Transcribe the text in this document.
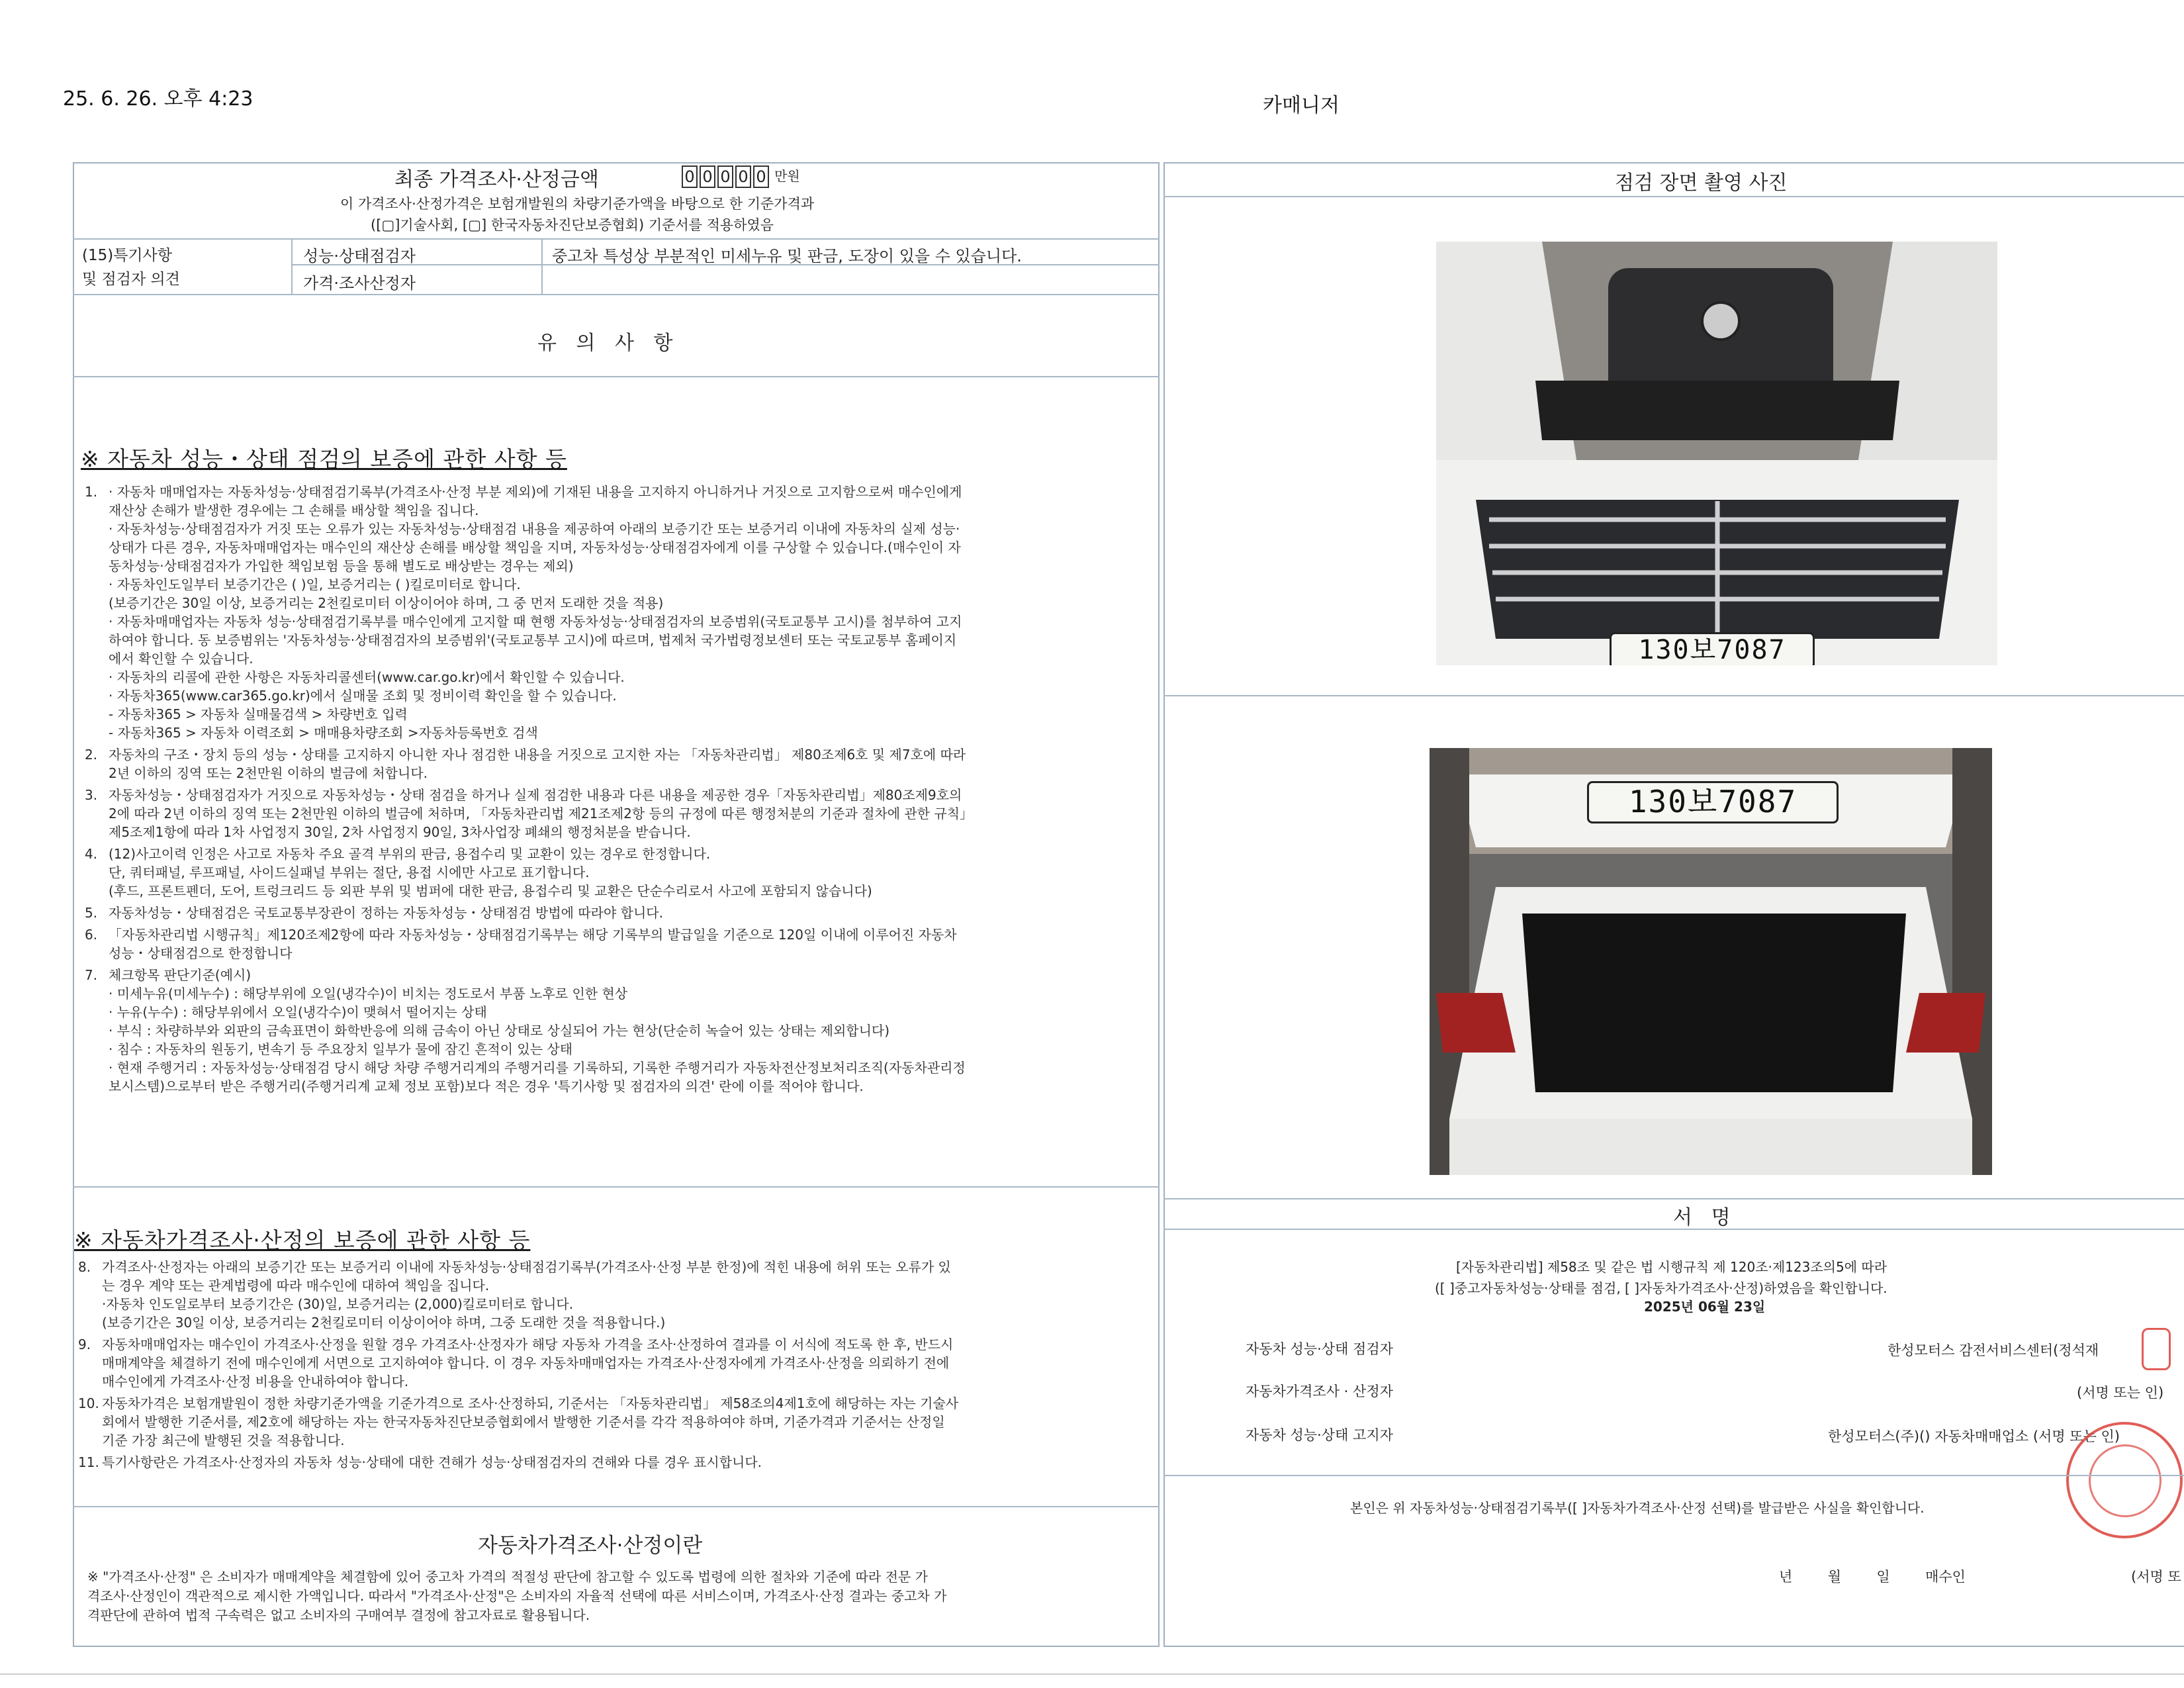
25. 6. 26. 오후 4:23	카매니저
최종 가격조사·산정금액	0 0 0 0 0 만원
이 가격조사·산정가격은 보험개발원의 차량기준가액을 바탕으로 한 기준가격과
([▢]기술사회, [▢] 한국자동차진단보증협회) 기준서를 적용하였음
(15)특기사항
및 점검자 의견
성능·상태점검자	중고차 특성상 부분적인 미세누유 및 판금, 도장이 있을 수 있습니다.
가격·조사산정자
유 의 사 항
※ 자동차 성능・상태 점검의 보증에 관한 사항 등
1. · 자동차 매매업자는 자동차성능·상태점검기록부(가격조사·산정 부분 제외)에 기재된 내용을 고지하지 아니하거나 거짓으로 고지함으로써 매수인에게
재산상 손해가 발생한 경우에는 그 손해를 배상할 책임을 집니다.
· 자동차성능·상태점검자가 거짓 또는 오류가 있는 자동차성능·상태점검 내용을 제공하여 아래의 보증기간 또는 보증거리 이내에 자동차의 실제 성능·
상태가 다른 경우, 자동차매매업자는 매수인의 재산상 손해를 배상할 책임을 지며, 자동차성능·상태점검자에게 이를 구상할 수 있습니다.(매수인이 자
동차성능·상태점검자가 가입한 책임보험 등을 통해 별도로 배상받는 경우는 제외)
· 자동차인도일부터 보증기간은 ( )일, 보증거리는 ( )킬로미터로 합니다.
(보증기간은 30일 이상, 보증거리는 2천킬로미터 이상이어야 하며, 그 중 먼저 도래한 것을 적용)
· 자동차매매업자는 자동차 성능·상태점검기록부를 매수인에게 고지할 때 현행 자동차성능·상태점검자의 보증범위(국토교통부 고시)를 첨부하여 고지
하여야 합니다. 동 보증범위는 '자동차성능·상태점검자의 보증범위'(국토교통부 고시)에 따르며, 법제처 국가법령정보센터 또는 국토교통부 홈페이지
에서 확인할 수 있습니다.
· 자동차의 리콜에 관한 사항은 자동차리콜센터(www.car.go.kr)에서 확인할 수 있습니다.
· 자동차365(www.car365.go.kr)에서 실매물 조회 및 정비이력 확인을 할 수 있습니다.
- 자동차365 > 자동차 실매물검색 > 차량번호 입력
- 자동차365 > 자동차 이력조회 > 매매용차량조회 >자동차등록번호 검색
2. 자동차의 구조・장치 등의 성능・상태를 고지하지 아니한 자나 점검한 내용을 거짓으로 고지한 자는 「자동차관리법」 제80조제6호 및 제7호에 따라
2년 이하의 징역 또는 2천만원 이하의 벌금에 처합니다.
3. 자동차성능・상태점검자가 거짓으로 자동차성능・상태 점검을 하거나 실제 점검한 내용과 다른 내용을 제공한 경우「자동차관리법」제80조제9호의
2에 따라 2년 이하의 징역 또는 2천만원 이하의 벌금에 처하며, 「자동차관리법 제21조제2항 등의 규정에 따른 행정처분의 기준과 절차에 관한 규칙」
제5조제1항에 따라 1차 사업정지 30일, 2차 사업정지 90일, 3차사업장 폐쇄의 행정처분을 받습니다.
4. (12)사고이력 인정은 사고로 자동차 주요 골격 부위의 판금, 용접수리 및 교환이 있는 경우로 한정합니다.
단, 쿼터패널, 루프패널, 사이드실패널 부위는 절단, 용접 시에만 사고로 표기합니다.
(후드, 프론트펜더, 도어, 트렁크리드 등 외판 부위 및 범퍼에 대한 판금, 용접수리 및 교환은 단순수리로서 사고에 포함되지 않습니다)
5. 자동차성능・상태점검은 국토교통부장관이 정하는 자동차성능・상태점검 방법에 따라야 합니다.
6. 「자동차관리법 시행규칙」제120조제2항에 따라 자동차성능・상태점검기록부는 해당 기록부의 발급일을 기준으로 120일 이내에 이루어진 자동차
성능・상태점검으로 한정합니다
7. 체크항목 판단기준(예시)
· 미세누유(미세누수) : 해당부위에 오일(냉각수)이 비치는 정도로서 부품 노후로 인한 현상
· 누유(누수) : 해당부위에서 오일(냉각수)이 맺혀서 떨어지는 상태
· 부식 : 차량하부와 외판의 금속표면이 화학반응에 의해 금속이 아닌 상태로 상실되어 가는 현상(단순히 녹슬어 있는 상태는 제외합니다)
· 침수 : 자동차의 원동기, 변속기 등 주요장치 일부가 물에 잠긴 흔적이 있는 상태
· 현재 주행거리 : 자동차성능·상태점검 당시 해당 차량 주행거리계의 주행거리를 기록하되, 기록한 주행거리가 자동차전산정보처리조직(자동차관리정
보시스템)으로부터 받은 주행거리(주행거리계 교체 정보 포함)보다 적은 경우 '특기사항 및 점검자의 의견' 란에 이를 적어야 합니다.
※ 자동차가격조사·산정의 보증에 관한 사항 등
8. 가격조사·산정자는 아래의 보증기간 또는 보증거리 이내에 자동차성능·상태점검기록부(가격조사·산정 부분 한정)에 적힌 내용에 허위 또는 오류가 있
는 경우 계약 또는 관계법령에 따라 매수인에 대하여 책임을 집니다.
·자동차 인도일로부터 보증기간은 (30)일, 보증거리는 (2,000)킬로미터로 합니다.
(보증기간은 30일 이상, 보증거리는 2천킬로미터 이상이어야 하며, 그중 도래한 것을 적용합니다.)
9. 자동차매매업자는 매수인이 가격조사·산정을 원할 경우 가격조사·산정자가 해당 자동차 가격을 조사·산정하여 결과를 이 서식에 적도록 한 후, 반드시
매매계약을 체결하기 전에 매수인에게 서면으로 고지하여야 합니다. 이 경우 자동차매매업자는 가격조사·산정자에게 가격조사·산정을 의뢰하기 전에
매수인에게 가격조사·산정 비용을 안내하여야 합니다.
10. 자동차가격은 보험개발원이 정한 차량기준가액을 기준가격으로 조사·산정하되, 기준서는 「자동차관리법」 제58조의4제1호에 해당하는 자는 기술사
회에서 발행한 기준서를, 제2호에 해당하는 자는 한국자동차진단보증협회에서 발행한 기준서를 각각 적용하여야 하며, 기준가격과 기준서는 산정일
기준 가장 최근에 발행된 것을 적용합니다.
11. 특기사항란은 가격조사·산정자의 자동차 성능·상태에 대한 견해가 성능·상태점검자의 견해와 다를 경우 표시합니다.
자동차가격조사·산정이란
※ "가격조사·산정" 은 소비자가 매매계약을 체결함에 있어 중고차 가격의 적절성 판단에 참고할 수 있도록 법령에 의한 절차와 기준에 따라 전문 가
격조사·산정인이 객관적으로 제시한 가액입니다. 따라서 "가격조사·산정"은 소비자의 자율적 선택에 따른 서비스이며, 가격조사·산정 결과는 중고차 가
격판단에 관하여 법적 구속력은 없고 소비자의 구매여부 결정에 참고자료로 활용됩니다.
점검 장면 촬영 사진
130보7087
130보7087
서   명
[자동차관리법] 제58조 및 같은 법 시행규칙 제 120조·제123조의5에 따라
([ ]중고자동차성능·상태를 점검, [ ]자동차가격조사·산정)하였음을 확인합니다.
2025년 06월 23일
자동차 성능·상태 점검자	한성모터스 감전서비스센터(정석재
자동차가격조사 · 산정자	(서명 또는 인)
자동차 성능·상태 고지자	한성모터스(주)() 자동차매매업소 (서명 또는 인)
본인은 위 자동차성능·상태점검기록부([ ]자동차가격조사·산정 선택)를 발급받은 사실을 확인합니다.
년        월        일        매수인	(서명 또
